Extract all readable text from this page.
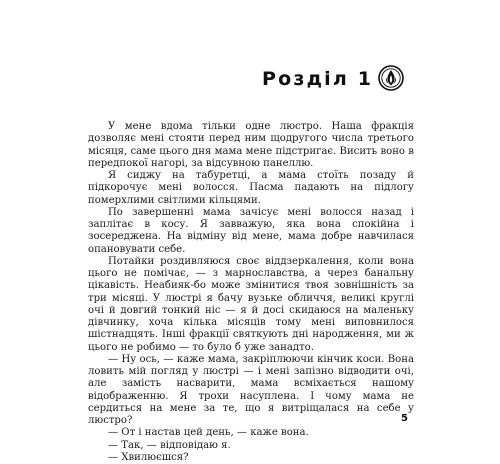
Розділ 1
У мене вдома тільки одне люстро. Наша фракція дозволяє мені стояти перед ним щодругого числа третього місяця, саме цього дня мама мене підстригає. Висить воно в передпокої нагорі, за відсувною панеллю.
Я сиджу на табуретці, а мама стоїть позаду й підкорочує мені волосся. Пасма падають на підлогу померхлими світлими кільцями.
По завершенні мама зачісує мені волосся назад і заплітає в косу. Я завважую, яка вона спокійна і зосереджена. На відміну від мене, мама добре навчилася опановувати себе.
Потайки роздивляюся своє віддзеркалення, коли вона цього не помічає, — з марнославства, а через банальну цікавість. Неабияк-бо може змінитися твоя зовнішність за три місяці. У люстрі я бачу вузьке обличчя, великі круглі очі й довгий тонкий ніс — я й досі скидаюся на маленьку дівчинку, хоча кілька місяців тому мені виповнилося шістнадцять. Інші фракції святкують дні народження, ми ж цього не робимо — то було б уже занадто.
— Ну ось, — каже мама, закріплюючи кінчик коси. Вона ловить мій погляд у люстрі — і мені запізно відводити очі, але замість насварити, мама всміхається нашому відображенню. Я трохи насуплена. І чому мама не сердиться на мене за те, що я витріщалася на себе у люстро?
— От і настав цей день, — каже вона.
— Так, — відповідаю я.
— Хвилюєшся?
5
